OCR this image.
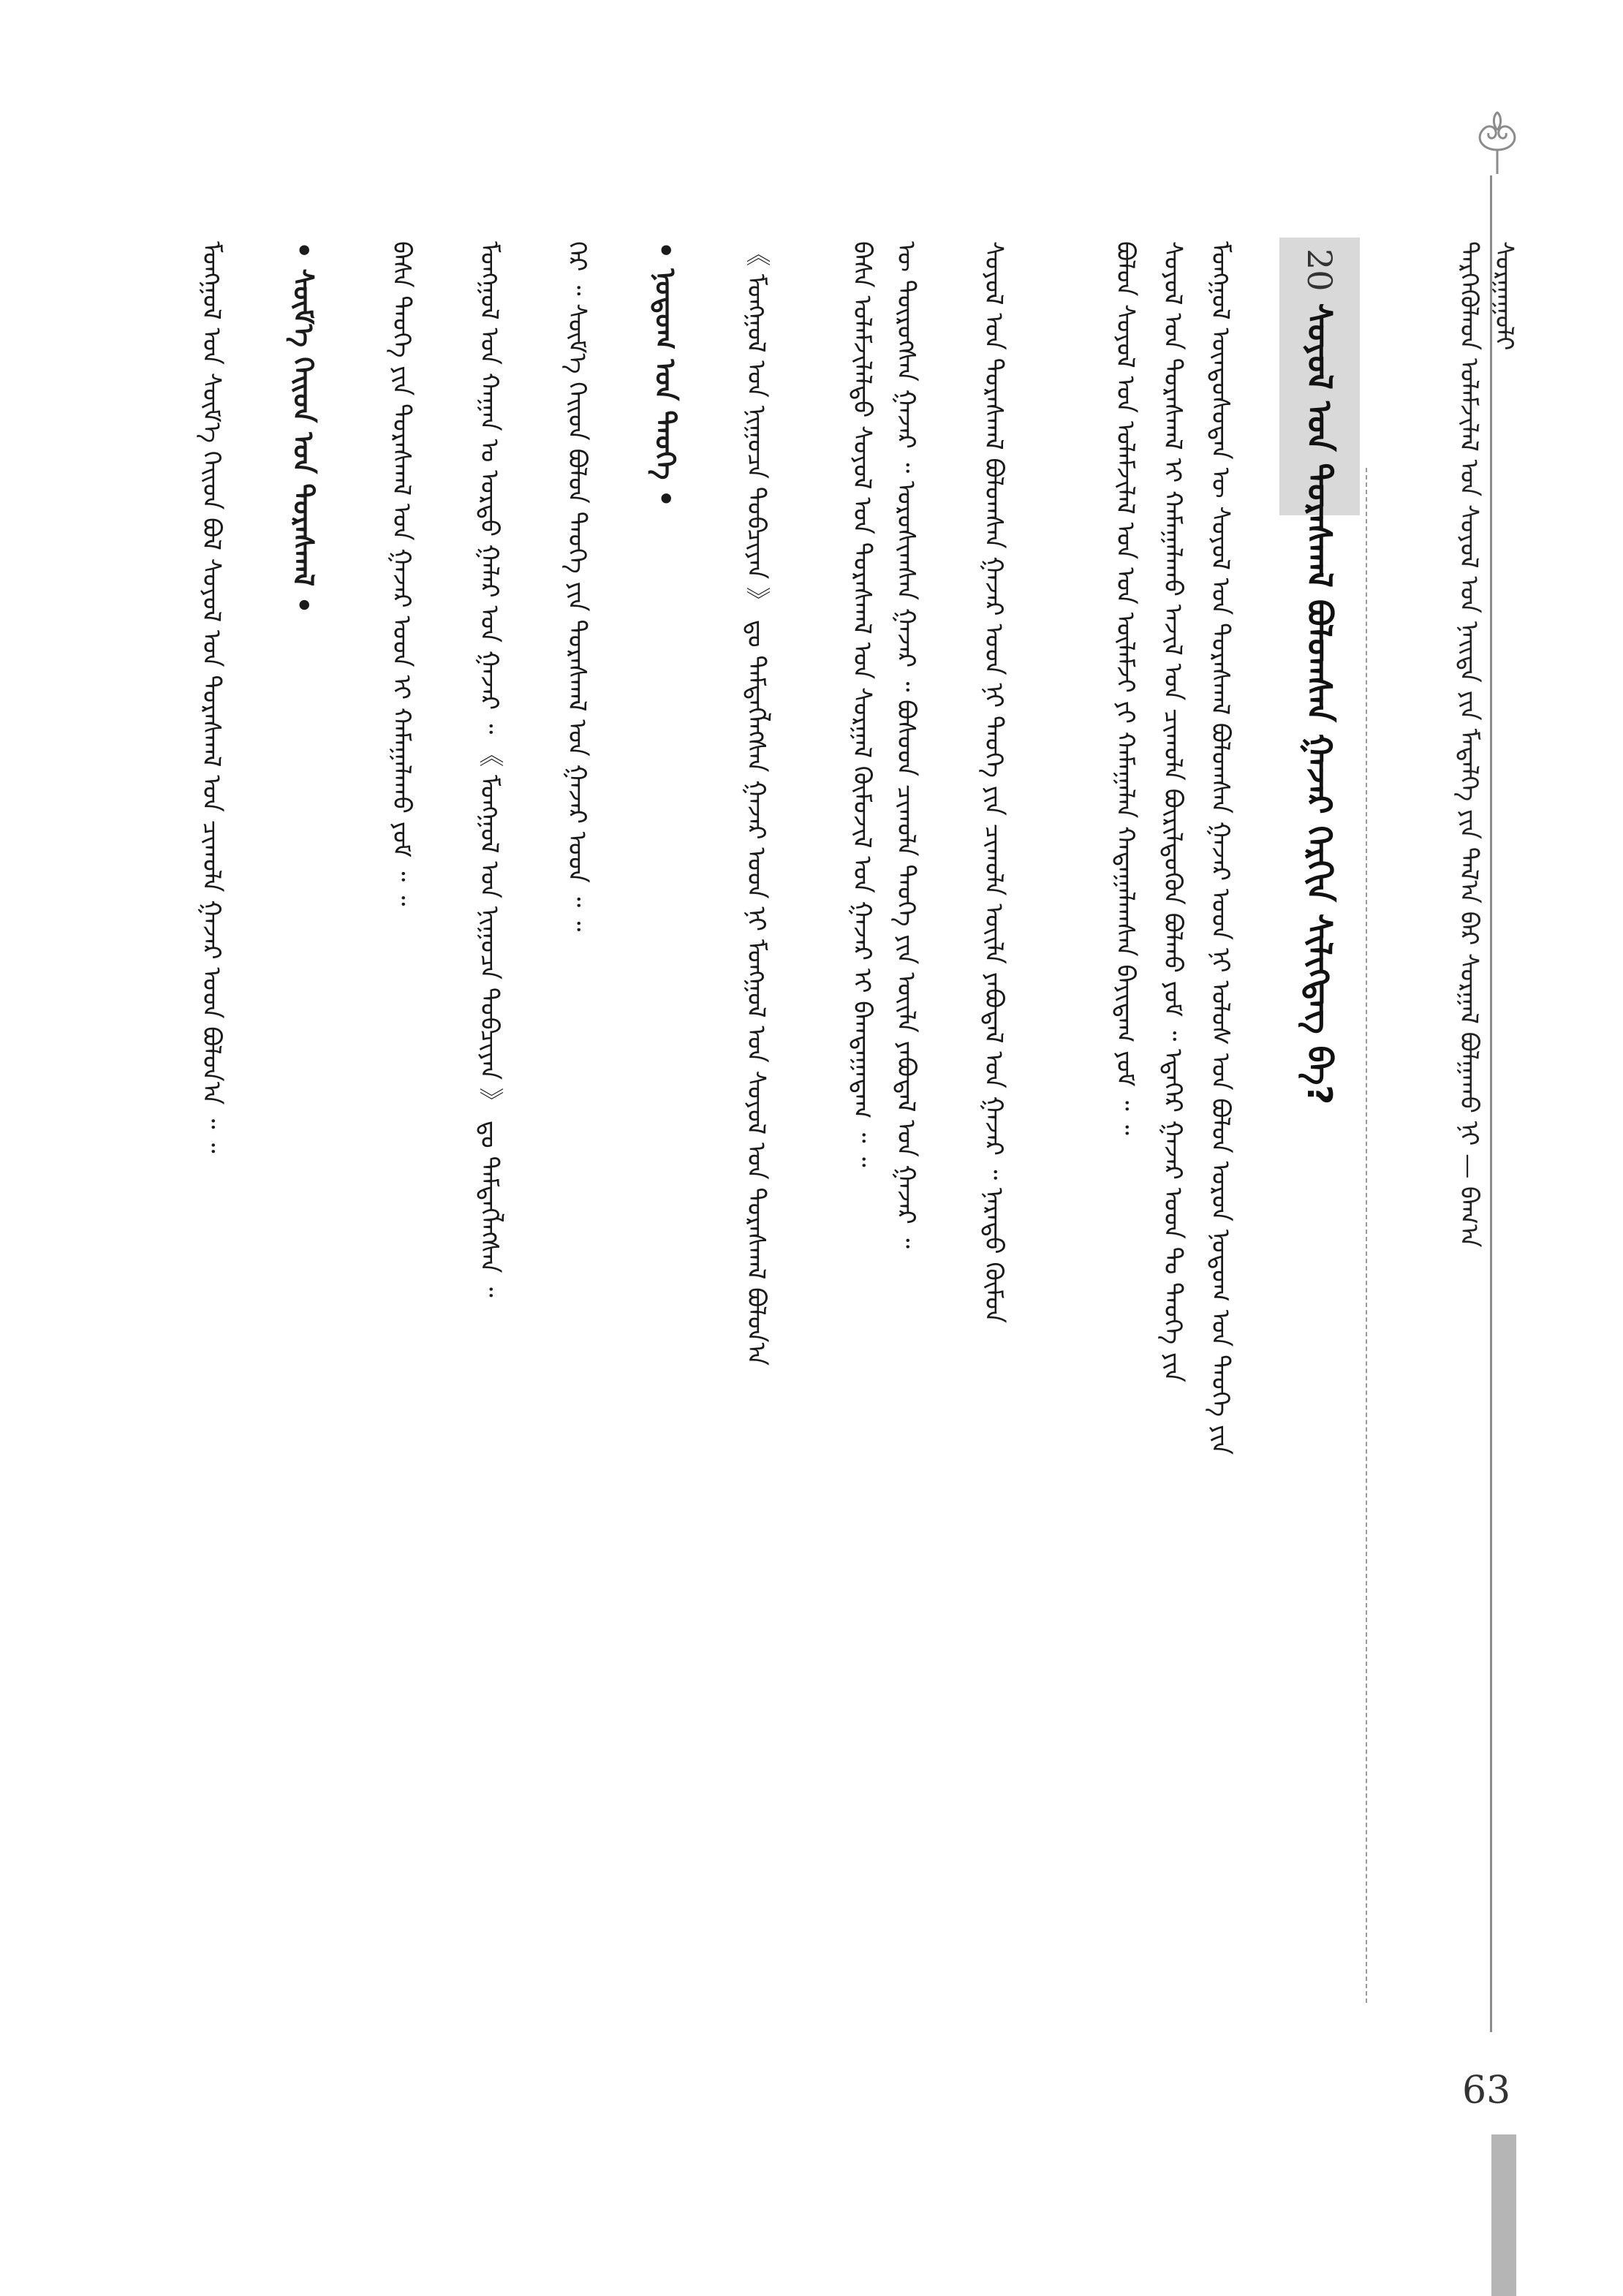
ᠲᠡᠷᠭᠡᠭᠦᠯᠡᠳ ᠤᠯᠠᠮᠵᠢᠯᠠᠯ ᠤᠨ ᠰᠣᠶᠣᠯ ᠤᠨ ᠨᠡᠢᠲᠡ ᠶᠢᠨ ᠮᠡᠳᠡᠯᠭᠡ ᠶᠢᠨ ᠲᠠᠯ᠎ᠠ ᠪᠠᠷ ᠰᠤᠷᠭᠠᠯ ᠪᠣᠯᠭᠠᠬᠤ ᠨᠢ — ᠪᠠᠭ᠎ᠠ ᠰᠤᠷᠭᠠᠭᠤᠯᠢ
20 ᠰᠣᠶᠣᠯ ᠤᠨ ᠳᠤᠷᠠᠰᠬᠠᠯ ᠪᠣᠯᠤᠭᠰᠠᠨ ᠭᠠᠵᠠᠷ ᠬᠡᠷᠬᠢᠨ ᠰᠢᠯᠢᠭᠳᠡᠭ ᠪᠡ?
ᠮᠣᠩᠭᠣᠯ ᠦᠨᠳᠦᠰᠦᠲᠡᠨ ᠦ ᠰᠣᠶᠣᠯ ᠤᠨ ᠳᠤᠷᠠᠰᠬᠠᠯ ᠪᠣᠯᠤᠭᠰᠠᠨ ᠭᠠᠵᠠᠷ ᠤᠳ ᠨᠢ ᠤᠯᠤᠰ ᠤᠨ ᠪᠣᠯᠤᠨ ᠣᠷᠣᠨ ᠨᠤᠲᠤᠭ ᠤᠨ ᠲᠡᠦᠬᠡ ᠶᠢᠨ
ᠰᠣᠶᠣᠯ ᠤᠨ ᠳᠤᠷᠠᠰᠬᠠᠯ ᠢ ᠬᠠᠮᠠᠭᠠᠯᠠᠬᠤ ᠠᠵᠢᠯ ᠤᠨ ᠴᠢᠬᠤᠯᠠ ᠪᠦᠷᠢᠯᠳᠦᠬᠦᠨ ᠪᠣᠯᠬᠤ ᠶᠤᠮ ᠃ ᠡᠳᠡᠭᠡᠷ ᠭᠠᠵᠠᠷ ᠤᠳ ᠲᠤ ᠲᠡᠦᠬᠡ ᠶᠢᠨ
ᠪᠣᠯᠤᠨ ᠰᠣᠶᠣᠯ ᠤᠨ ᠤᠯᠠᠮᠵᠢᠯᠠᠯ ᠤᠨ ᠡᠳ ᠦᠯᠡᠮᠵᠢ ᠶᠢ ᠬᠠᠮᠠᠭᠠᠯᠠᠨ ᠬᠠᠳᠠᠭᠠᠯᠠᠭᠰᠠᠨ ᠪᠠᠶᠢᠳᠠᠭ ᠶᠤᠮ ᠃ ᠃
ᠰᠣᠶᠣᠯ ᠤᠨ ᠳᠤᠷᠠᠰᠬᠠᠯ ᠪᠣᠯᠤᠭᠰᠠᠨ ᠭᠠᠵᠠᠷ ᠤᠳ ᠨᠢ ᠲᠡᠦᠬᠡ ᠶᠢᠨ ᠴᠢᠬᠤᠯᠠ ᠦᠢᠯᠡ ᠶᠠᠪᠤᠳᠠᠯ ᠤᠨ ᠭᠠᠵᠠᠷ ᠃ ᠨᠡᠷᠡᠲᠦ ᠬᠦᠮᠦᠨ
ᠦ ᠲᠥᠷᠥᠭᠰᠡᠨ ᠭᠠᠵᠠᠷ ᠃ ᠣᠷᠣᠰᠢᠭᠰᠠᠨ ᠭᠠᠵᠠᠷ ᠃ ᠪᠤᠰᠤᠳ ᠴᠢᠬᠤᠯᠠ ᠲᠡᠦᠬᠡ ᠶᠢᠨ ᠦᠢᠯᠡ ᠶᠠᠪᠤᠳᠠᠯ ᠤᠨ ᠭᠠᠵᠠᠷ ᠃
ᠪᠠᠰᠠ ᠤᠯᠠᠮᠵᠢᠯᠠᠯᠲᠤ ᠰᠣᠶᠣᠯ ᠤᠨ ᠳᠤᠷᠠᠰᠬᠠᠯ ᠤᠨ ᠰᠤᠷᠭᠠᠯ ᠬᠦᠮᠦᠵᠢᠯ ᠤᠨ ᠭᠠᠵᠠᠷ ᠢ ᠪᠠᠭᠲᠠᠭᠠᠳᠠᠭ ᠃ ᠃
《 ᠮᠣᠩᠭᠣᠯ ᠤᠨ ᠨᠢᠭᠤᠴᠠ ᠲᠣᠪᠴᠢᠶᠠᠨ 》 ᠳᠤ ᠲᠡᠮᠳᠡᠭᠯᠡᠭᠰᠡᠨ ᠭᠠᠵᠠᠷ ᠤᠳ ᠨᠢ ᠮᠣᠩᠭᠣᠯ ᠤᠨ ᠰᠣᠶᠣᠯ ᠤᠨ ᠳᠤᠷᠠᠰᠬᠠᠯ ᠪᠣᠯᠤᠨ᠎ᠠ
• ᠨᠤᠲᠤᠭ ᠤᠨ ᠲᠡᠦᠬᠡ •
ᠭᠡᠷ ᠃ ᠰᠦᠮ᠎ᠡ ᠬᠡᠢᠳ ᠪᠣᠯᠤᠨ ᠲᠡᠦᠬᠡ ᠶᠢᠨ ᠳᠤᠷᠠᠰᠬᠠᠯ ᠤᠨ ᠭᠠᠵᠠᠷ ᠤᠳ ᠃ ᠃
ᠮᠣᠩᠭᠣᠯ ᠤᠨ ᠬᠠᠭᠠᠨ ᠤ ᠣᠷᠳᠣ ᠭᠠᠯᠠᠷ ᠤᠨ ᠭᠠᠵᠠᠷ ᠃ 《 ᠮᠣᠩᠭᠣᠯ ᠤᠨ ᠨᠢᠭᠤᠴᠠ ᠲᠣᠪᠴᠢᠶᠠᠨ 》 ᠳᠤ ᠲᠡᠮᠳᠡᠭᠯᠡᠭᠰᠡᠨ ᠃
ᠪᠠᠰᠠ ᠲᠡᠦᠬᠡ ᠶᠢᠨ ᠳᠤᠷᠠᠰᠬᠠᠯ ᠤᠨ ᠭᠠᠵᠠᠷ ᠤᠳ ᠢ ᠬᠠᠮᠠᠭᠠᠯᠠᠬᠤ ᠶᠤᠮ ᠃ ᠃
• ᠰᠦᠮ᠎ᠡ ᠬᠡᠢᠳ ᠤᠨ ᠳᠤᠷᠠᠰᠬᠠᠯ •
ᠮᠣᠩᠭᠣᠯ ᠤᠨ ᠰᠦᠮ᠎ᠡ ᠬᠡᠢᠳ ᠪᠣᠯ ᠰᠣᠶᠣᠯ ᠤᠨ ᠳᠤᠷᠠᠰᠬᠠᠯ ᠤᠨ ᠴᠢᠬᠤᠯᠠ ᠭᠠᠵᠠᠷ ᠤᠳ ᠪᠣᠯᠤᠨ᠎ᠠ ᠃ ᠃
63
